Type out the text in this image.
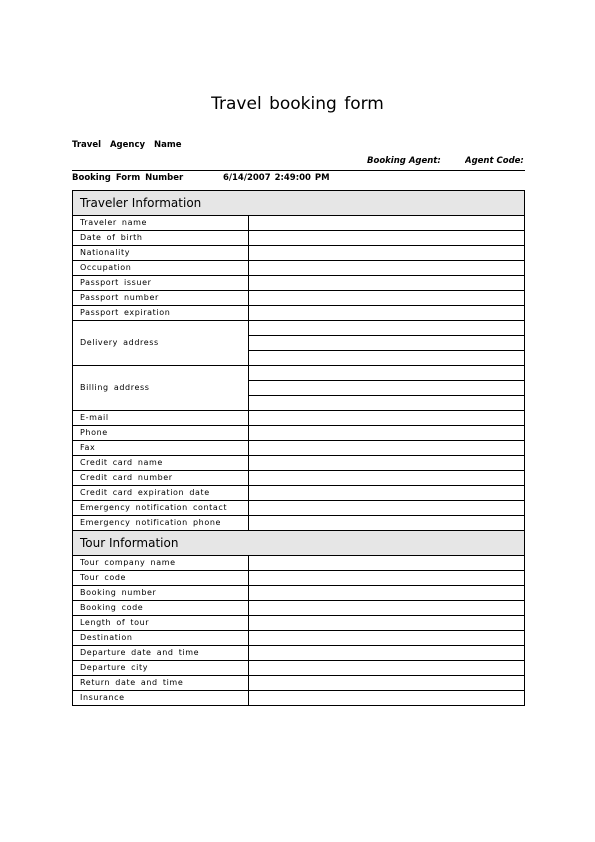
Travel booking form
Travel Agency Name
Booking Agent:	Agent Code:
Booking Form Number	6/14/2007 2:49:00 PM
Traveler Information	
Traveler name	
Date of birth	
Nationality	
Occupation	
Passport issuer	
Passport number	
Passport expiration	
Delivery address	

Billing address	

E-mail	
Phone	
Fax	
Credit card name	
Credit card number	
Credit card expiration date	
Emergency notification contact	
Emergency notification phone	
Tour Information	
Tour company name	
Tour code	
Booking number	
Booking code	
Length of tour	
Destination	
Departure date and time	
Departure city	
Return date and time	
Insurance	
